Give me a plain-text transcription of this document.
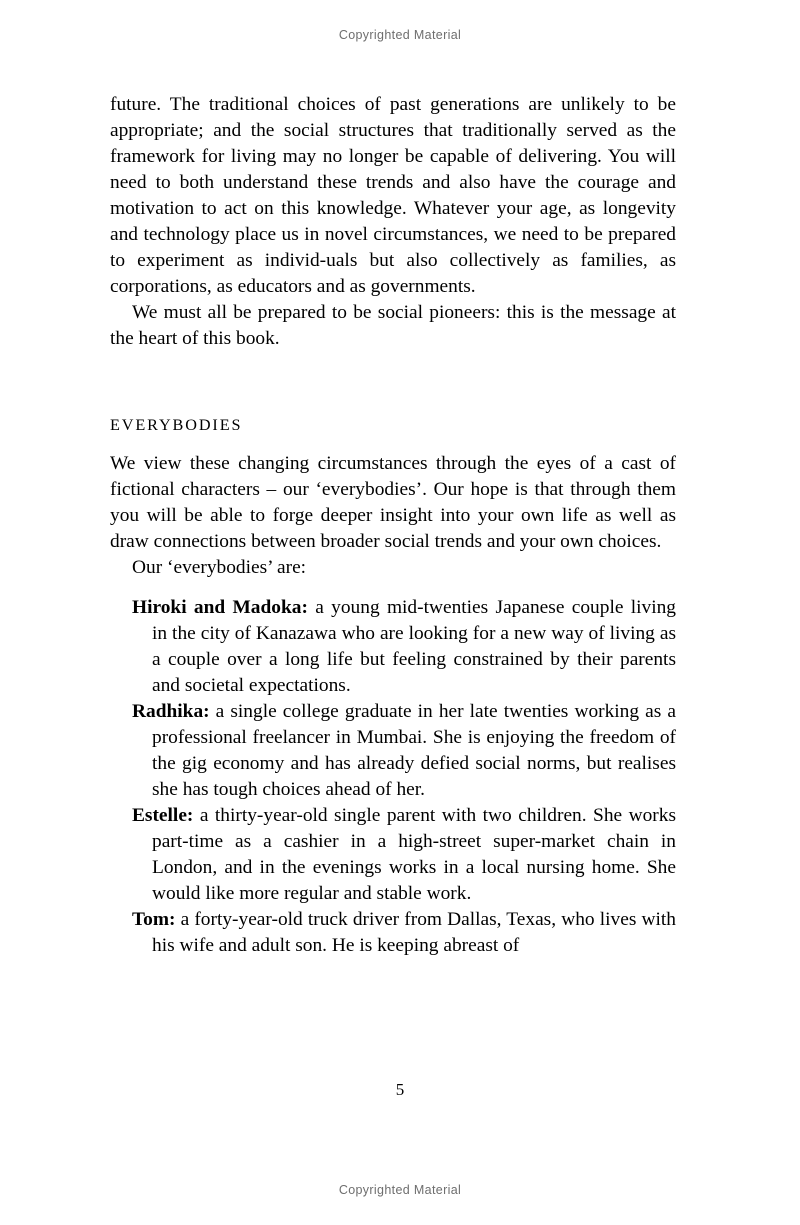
Copyrighted Material

future. The traditional choices of past generations are unlikely to be appropriate; and the social structures that traditionally served as the framework for living may no longer be capable of delivering. You will need to both understand these trends and also have the courage and motivation to act on this knowledge. Whatever your age, as longevity and technology place us in novel circumstances, we need to be prepared to experiment as individ-uals but also collectively as families, as corporations, as educators and as governments.

We must all be prepared to be social pioneers: this is the message at the heart of this book.

EVERYBODIES

We view these changing circumstances through the eyes of a cast of fictional characters – our ‘everybodies’. Our hope is that through them you will be able to forge deeper insight into your own life as well as draw connections between broader social trends and your own choices.

Our ‘everybodies’ are:

Hiroki and Madoka: a young mid-twenties Japanese couple living in the city of Kanazawa who are looking for a new way of living as a couple over a long life but feeling constrained by their parents and societal expectations.
Radhika: a single college graduate in her late twenties working as a professional freelancer in Mumbai. She is enjoying the freedom of the gig economy and has already defied social norms, but realises she has tough choices ahead of her.
Estelle: a thirty-year-old single parent with two children. She works part-time as a cashier in a high-street super-market chain in London, and in the evenings works in a local nursing home. She would like more regular and stable work.
Tom: a forty-year-old truck driver from Dallas, Texas, who lives with his wife and adult son. He is keeping abreast of
5
Copyrighted Material
